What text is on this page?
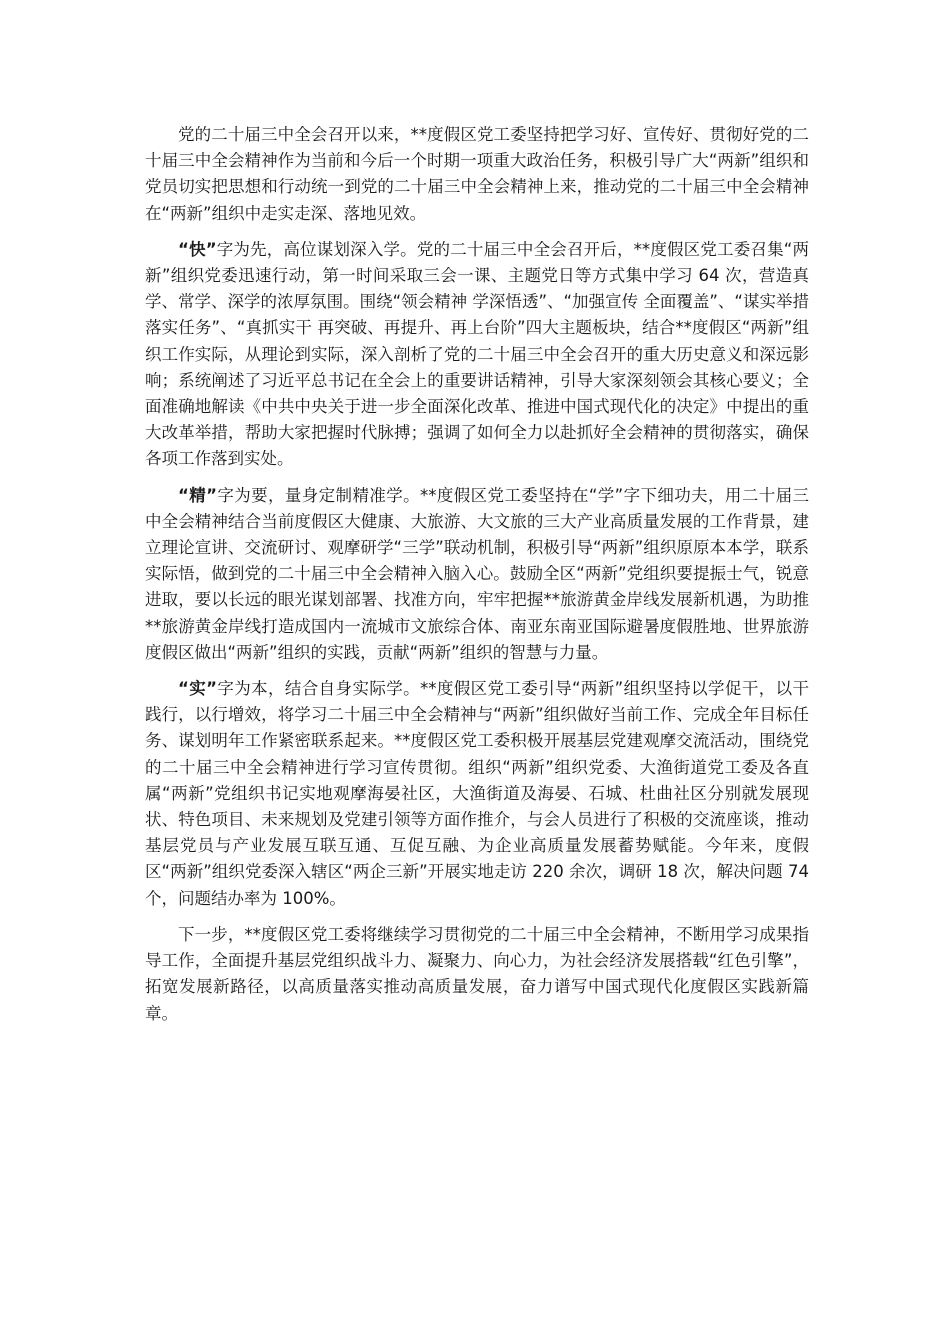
党的二十届三中全会召开以来，**度假区党工委坚持把学习好、宣传好、贯彻好党的二十届三中全会精神作为当前和今后一个时期一项重大政治任务，积极引导广大“两新”组织和党员切实把思想和行动统一到党的二十届三中全会精神上来，推动党的二十届三中全会精神在“两新”组织中走实走深、落地见效。

“快”字为先，高位谋划深入学。党的二十届三中全会召开后，**度假区党工委召集“两新”组织党委迅速行动，第一时间采取三会一课、主题党日等方式集中学习 64 次，营造真学、常学、深学的浓厚氛围。围绕“领会精神 学深悟透”、“加强宣传 全面覆盖”、“谋实举措 落实任务”、“真抓实干 再突破、再提升、再上台阶”四大主题板块，结合**度假区“两新”组织工作实际，从理论到实际，深入剖析了党的二十届三中全会召开的重大历史意义和深远影响；系统阐述了习近平总书记在全会上的重要讲话精神，引导大家深刻领会其核心要义；全面准确地解读《中共中央关于进一步全面深化改革、推进中国式现代化的决定》中提出的重大改革举措，帮助大家把握时代脉搏；强调了如何全力以赴抓好全会精神的贯彻落实，确保各项工作落到实处。

“精”字为要，量身定制精准学。**度假区党工委坚持在“学”字下细功夫，用二十届三中全会精神结合当前度假区大健康、大旅游、大文旅的三大产业高质量发展的工作背景，建立理论宣讲、交流研讨、观摩研学“三学”联动机制，积极引导“两新”组织原原本本学，联系实际悟，做到党的二十届三中全会精神入脑入心。鼓励全区“两新”党组织要提振士气，锐意进取，要以长远的眼光谋划部署、找准方向，牢牢把握**旅游黄金岸线发展新机遇，为助推**旅游黄金岸线打造成国内一流城市文旅综合体、南亚东南亚国际避暑度假胜地、世界旅游度假区做出“两新”组织的实践，贡献“两新”组织的智慧与力量。

“实”字为本，结合自身实际学。**度假区党工委引导“两新”组织坚持以学促干，以干践行，以行增效，将学习二十届三中全会精神与“两新”组织做好当前工作、完成全年目标任务、谋划明年工作紧密联系起来。**度假区党工委积极开展基层党建观摩交流活动，围绕党的二十届三中全会精神进行学习宣传贯彻。组织“两新”组织党委、大渔街道党工委及各直属“两新”党组织书记实地观摩海晏社区，大渔街道及海晏、石城、杜曲社区分别就发展现状、特色项目、未来规划及党建引领等方面作推介，与会人员进行了积极的交流座谈，推动基层党员与产业发展互联互通、互促互融、为企业高质量发展蓄势赋能。今年来，度假区“两新”组织党委深入辖区“两企三新”开展实地走访 220 余次，调研 18 次，解决问题 74 个，问题结办率为 100%。

下一步，**度假区党工委将继续学习贯彻党的二十届三中全会精神，不断用学习成果指导工作，全面提升基层党组织战斗力、凝聚力、向心力，为社会经济发展搭载“红色引擎”，拓宽发展新路径，以高质量落实推动高质量发展，奋力谱写中国式现代化度假区实践新篇章。
